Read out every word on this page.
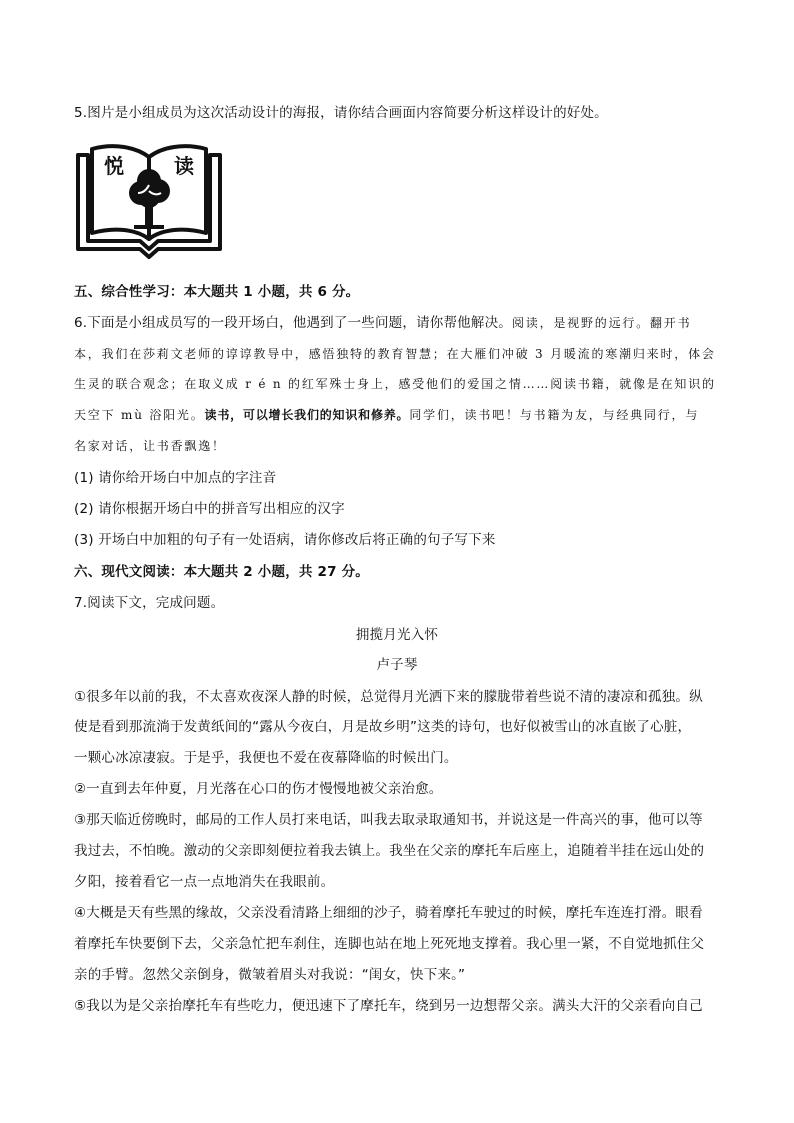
5.图片是小组成员为这次活动设计的海报，请你结合画面内容简要分析这样设计的好处。
悦	读
五、综合性学习：本大题共 1 小题，共 6 分。
6.下面是小组成员写的一段开场白，他遇到了一些问题，请你帮他解决。阅读，是视野的远行。翻开书
本，我们在莎莉文老师的谆谆教导中，感悟独特的教育智慧；在大雁们冲破 3 月暖流的寒潮归来时，体会
生灵的联合观念；在取义成 r é n 的红军殊士身上，感受他们的爱国之情……阅读书籍，就像是在知识的
天空下 mù 浴阳光。读书，可以增长我们的知识和修养。同学们，读书吧！与书籍为友，与经典同行，与
名家对话，让书香飘逸！
(1) 请你给开场白中加点的字注音
(2) 请你根据开场白中的拼音写出相应的汉字
(3) 开场白中加粗的句子有一处语病，请你修改后将正确的句子写下来
六、现代文阅读：本大题共 2 小题，共 27 分。
7.阅读下文，完成问题。
拥揽月光入怀
卢子琴
①很多年以前的我，不太喜欢夜深人静的时候，总觉得月光洒下来的朦胧带着些说不清的凄凉和孤独。纵
使是看到那流淌于发黄纸间的“露从今夜白，月是故乡明”这类的诗句，也好似被雪山的冰直嵌了心脏，
一颗心冰凉凄寂。于是乎，我便也不爱在夜幕降临的时候出门。
②一直到去年仲夏，月光落在心口的伤才慢慢地被父亲治愈。
③那天临近傍晚时，邮局的工作人员打来电话，叫我去取录取通知书，并说这是一件高兴的事，他可以等
我过去，不怕晚。激动的父亲即刻便拉着我去镇上。我坐在父亲的摩托车后座上，追随着半挂在远山处的
夕阳，接着看它一点一点地消失在我眼前。
④大概是天有些黑的缘故，父亲没看清路上细细的沙子，骑着摩托车驶过的时候，摩托车连连打滑。眼看
着摩托车快要倒下去，父亲急忙把车刹住，连脚也站在地上死死地支撑着。我心里一紧，不自觉地抓住父
亲的手臂。忽然父亲倒身，微皱着眉头对我说：“闺女，快下来。”
⑤我以为是父亲抬摩托车有些吃力，便迅速下了摩托车，绕到另一边想帮父亲。满头大汗的父亲看向自己
